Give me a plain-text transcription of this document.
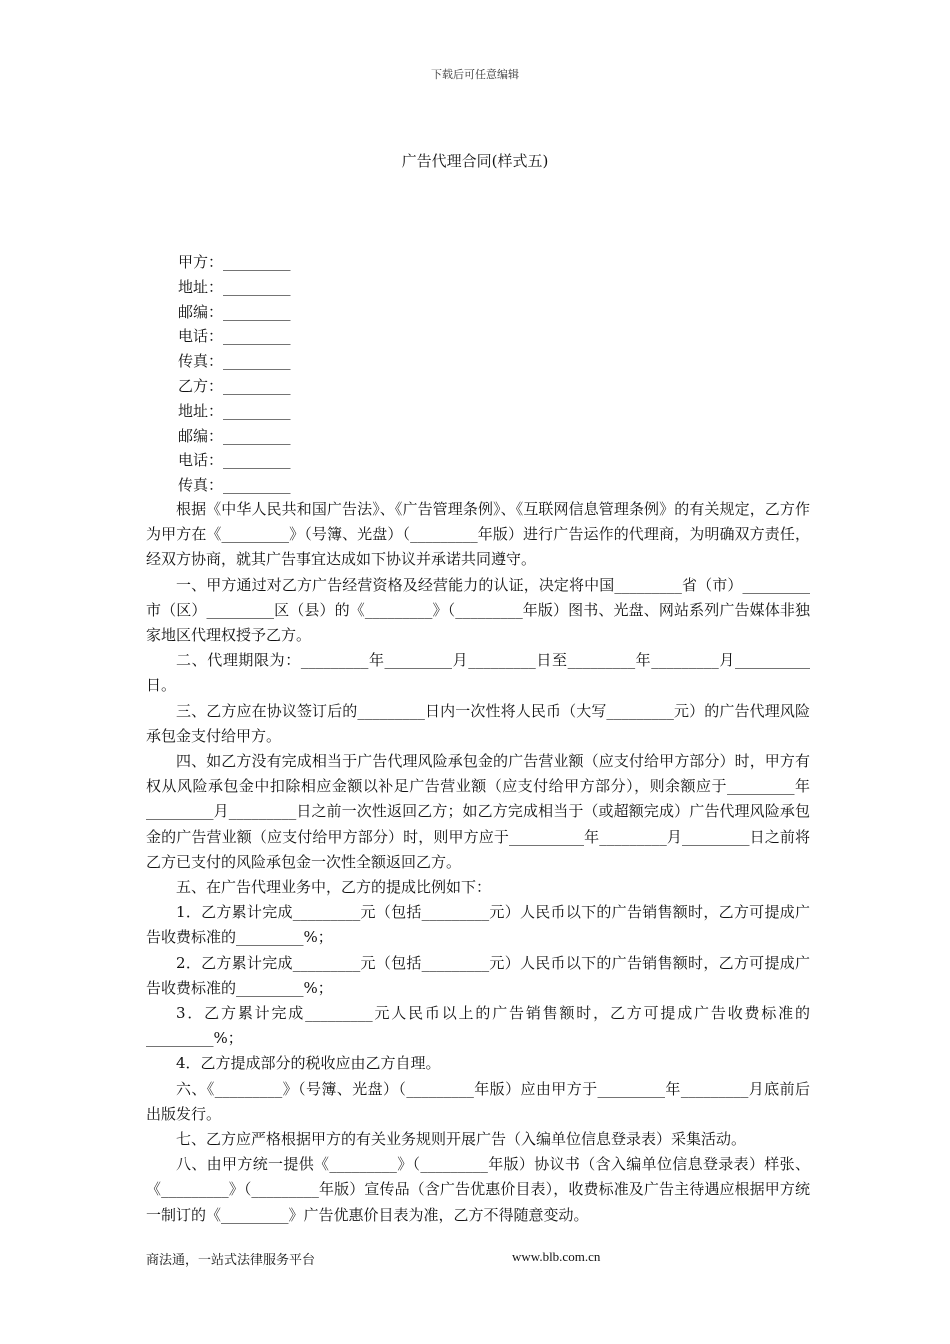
下载后可任意编辑
广告代理合同(样式五)
甲方：_________
地址：_________
邮编：_________
电话：_________
传真：_________
乙方：_________
地址：_________
邮编：_________
电话：_________
传真：_________

根据《中华人民共和国广告法》、《广告管理条例》、《互联网信息管理条例》的有关规定，乙方作为甲方在《_________》（号簿、光盘）（_________年版）进行广告运作的代理商，为明确双方责任，经双方协商，就其广告事宜达成如下协议并承诺共同遵守。

一、甲方通过对乙方广告经营资格及经营能力的认证，决定将中国_________省（市）_________市（区）_________区（县）的《_________》（_________年版）图书、光盘、网站系列广告媒体非独家地区代理权授予乙方。

二、代理期限为：_________年_________月_________日至_________年_________月__________日。

三、乙方应在协议签订后的_________日内一次性将人民币（大写_________元）的广告代理风险承包金支付给甲方。

四、如乙方没有完成相当于广告代理风险承包金的广告营业额（应支付给甲方部分）时，甲方有权从风险承包金中扣除相应金额以补足广告营业额（应支付给甲方部分），则余额应于_________年_________月_________日之前一次性返回乙方；如乙方完成相当于（或超额完成）广告代理风险承包金的广告营业额（应支付给甲方部分）时，则甲方应于__________年_________月_________日之前将乙方已支付的风险承包金一次性全额返回乙方。

五、在广告代理业务中，乙方的提成比例如下：

1．乙方累计完成_________元（包括_________元）人民币以下的广告销售额时，乙方可提成广告收费标准的_________%；

2．乙方累计完成_________元（包括_________元）人民币以下的广告销售额时，乙方可提成广告收费标准的_________%；

3．乙方累计完成_________元人民币以上的广告销售额时，乙方可提成广告收费标准的_________%；

4．乙方提成部分的税收应由乙方自理。

六、《_________》（号簿、光盘）（_________年版）应由甲方于_________年_________月底前后出版发行。

七、乙方应严格根据甲方的有关业务规则开展广告（入编单位信息登录表）采集活动。

八、由甲方统一提供《_________》（_________年版）协议书（含入编单位信息登录表）样张、《_________》（_________年版）宣传品（含广告优惠价目表），收费标准及广告主待遇应根据甲方统一制订的《_________》广告优惠价目表为准，乙方不得随意变动。

商法通，一站式法律服务平台	www.blb.com.cn
